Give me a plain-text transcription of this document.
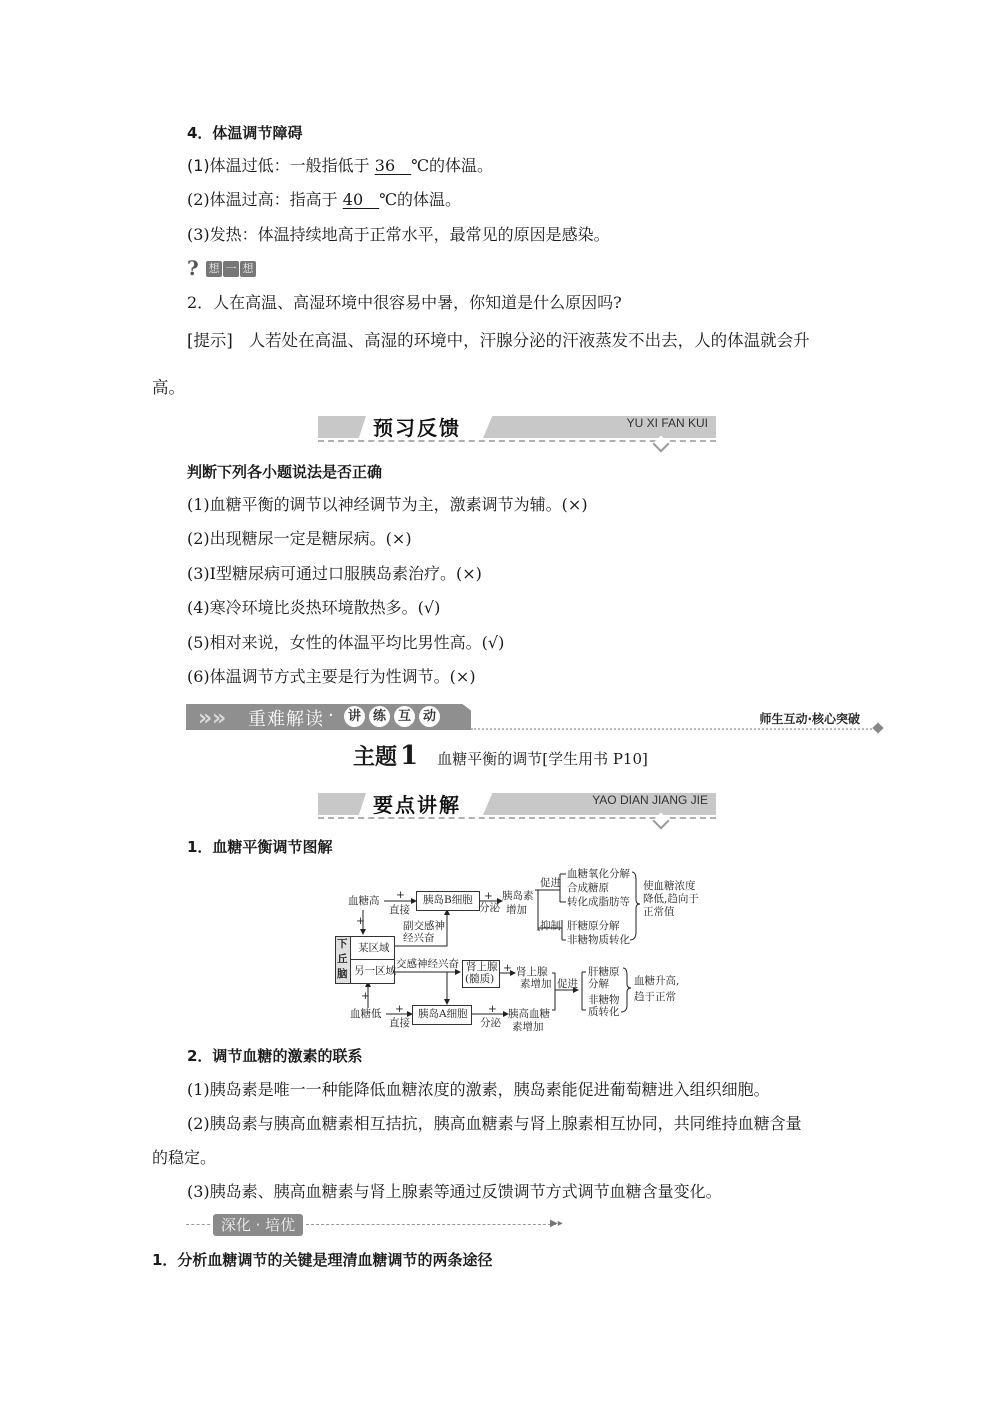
4．体温调节障碍
(1)体温过低：一般指低于 36　℃的体温。
(2)体温过高：指高于 40　℃的体温。
(3)发热：体温持续地高于正常水平，最常见的原因是感染。
? 想 一 想
2．人在高温、高湿环境中很容易中暑，你知道是什么原因吗?
[提示] 人若处在高温、高湿的环境中，汗腺分泌的汗液蒸发不出去，人的体温就会升
高。
预习反馈	YU XI FAN KUI
判断下列各小题说法是否正确
(1)血糖平衡的调节以神经调节为主，激素调节为辅。(×)
(2)出现糖尿一定是糖尿病。(×)
(3)Ⅰ型糖尿病可通过口服胰岛素治疗。(×)
(4)寒冷环境比炎热环境散热多。(√)
(5)相对来说，女性的体温平均比男性高。(√)
(6)体温调节方式主要是行为性调节。(×)
» » 重难解读 ·	讲 练 互 动	师生互动·核心突破
主题 1 血糖平衡的调节[学生用书 P10]
要点讲解	YAO DIAN JIANG JIE
1．血糖平衡调节图解
胰岛B细胞
胰岛A细胞
肾上腺
(髓质)
下
丘
脑
某区域
另一区域
血糖高 +
直接
+
分泌
胰岛素
增加
+	副交感神
经兴奋
交感神经兴奋	+ 肾上腺
素增加
+
血糖低 +
直接
+
分泌
胰高血糖
素增加
促进
抑制
血糖氧化分解
合成糖原
转化成脂肪等
肝糖原分解
非糖物质转化
使血糖浓度
降低,趋向于
正常值
促进
肝糖原
分解
非糖物
质转化
血糖升高,
趋于正常
2．调节血糖的激素的联系
(1)胰岛素是唯一一种能降低血糖浓度的激素，胰岛素能促进葡萄糖进入组织细胞。
(2)胰岛素与胰高血糖素相互拮抗，胰高血糖素与肾上腺素相互协同，共同维持血糖含量
的稳定。
(3)胰岛素、胰高血糖素与肾上腺素等通过反馈调节方式调节血糖含量变化。
深化 · 培优	▶▸
1．分析血糖调节的关键是理清血糖调节的两条途径
